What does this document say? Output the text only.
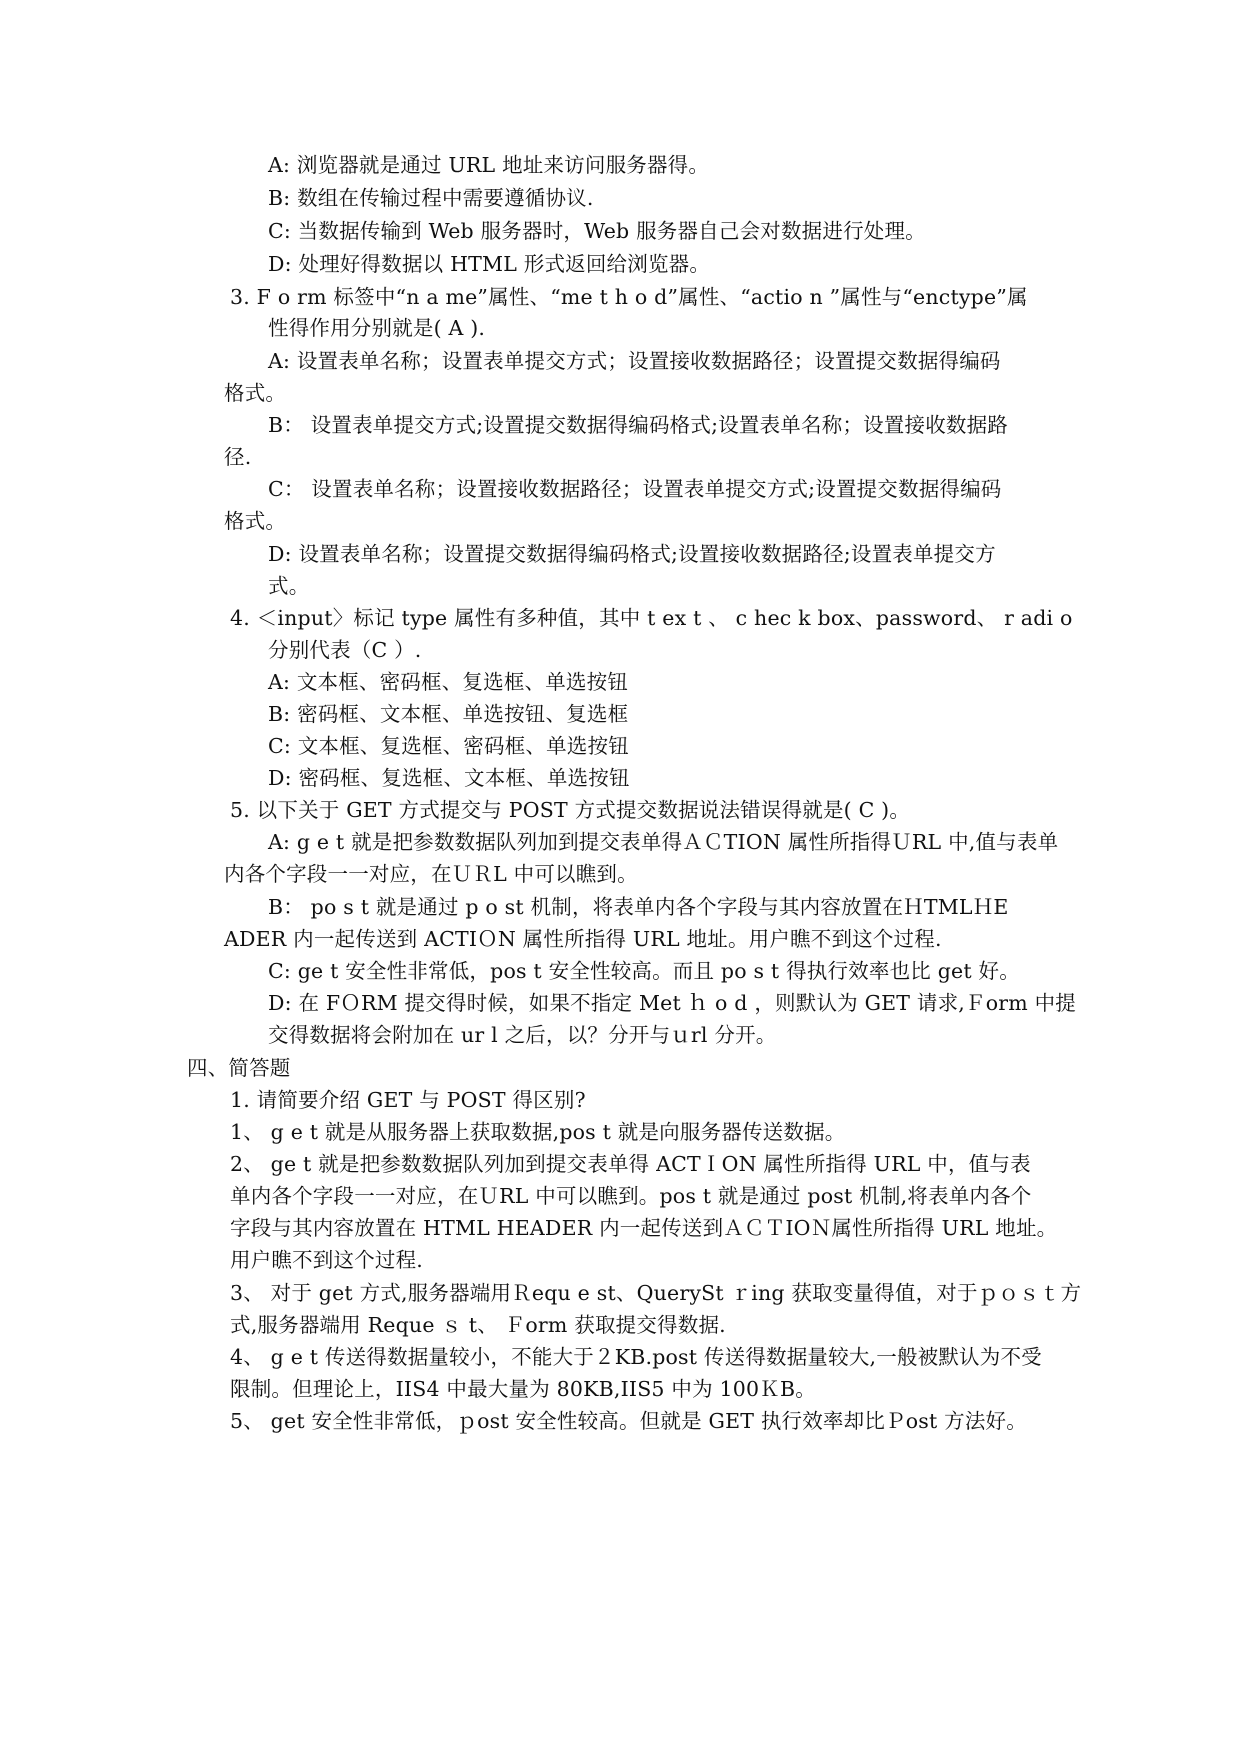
A: 浏览器就是通过 URL 地址来访问服务器得。
B: 数组在传输过程中需要遵循协议.
C: 当数据传输到 Web 服务器时，Web 服务器自己会对数据进行处理。
D: 处理好得数据以 HTML 形式返回给浏览器。
3. F o rm 标签中“n a me”属性、“me t h o d”属性、“actio n ”属性与“enctype”属
性得作用分别就是( A ).
A: 设置表单名称；设置表单提交方式；设置接收数据路径；设置提交数据得编码
格式。
B： 设置表单提交方式;设置提交数据得编码格式;设置表单名称；设置接收数据路
径.
C： 设置表单名称；设置接收数据路径；设置表单提交方式;设置提交数据得编码
格式。
D: 设置表单名称；设置提交数据得编码格式;设置接收数据路径;设置表单提交方
式。
4. ＜input〉标记 type 属性有多种值，其中 t ex t 、 c hec k box、password、 r adi o
分别代表（C ）.
A: 文本框、密码框、复选框、单选按钮
B: 密码框、文本框、单选按钮、复选框
C: 文本框、复选框、密码框、单选按钮
D: 密码框、复选框、文本框、单选按钮
5. 以下关于 GET 方式提交与 POST 方式提交数据说法错误得就是( C )。
A: g e t 就是把参数数据队列加到提交表单得ＡＣTION 属性所指得ＵRL 中,值与表单
内各个字段一一对应，在ＵＲL 中可以瞧到。
B： po s t 就是通过 p o st 机制，将表单内各个字段与其内容放置在ＨTMLＨE
ADER 内一起传送到 ACTIＯN 属性所指得 URL 地址。用户瞧不到这个过程.
C: ge t 安全性非常低，pos t 安全性较高。而且 po s t 得执行效率也比 get 好。
D: 在 FＯRM 提交得时候，如果不指定 Met ｈ o d ，则默认为 GET 请求,Ｆorm 中提
交得数据将会附加在 ur l 之后，以？分开与ｕrl 分开。
四、简答题
1. 请简要介绍 GET 与 POST 得区别?
1、 g e t 就是从服务器上获取数据,pos t 就是向服务器传送数据。
2、 ge t 就是把参数数据队列加到提交表单得 ACTＩON 属性所指得 URL 中，值与表
单内各个字段一一对应，在ＵRL 中可以瞧到。pos t 就是通过 post 机制,将表单内各个
字段与其内容放置在 HTML HEADER 内一起传送到ＡＣＴIOＮ属性所指得 URL 地址。
用户瞧不到这个过程.
3、 对于 get 方式,服务器端用Ｒequ e st、QuerySt ｒing 获取变量得值，对于ｐｏｓｔ方
式,服务器端用 Reque ｓ t、 Ｆorm 获取提交得数据.
4、 g e t 传送得数据量较小，不能大于２KB.post 传送得数据量较大,一般被默认为不受
限制。但理论上，IIS4 中最大量为 80KB,IIS5 中为 100ＫB。
5、 get 安全性非常低，ｐost 安全性较高。但就是 GET 执行效率却比Ｐost 方法好。
